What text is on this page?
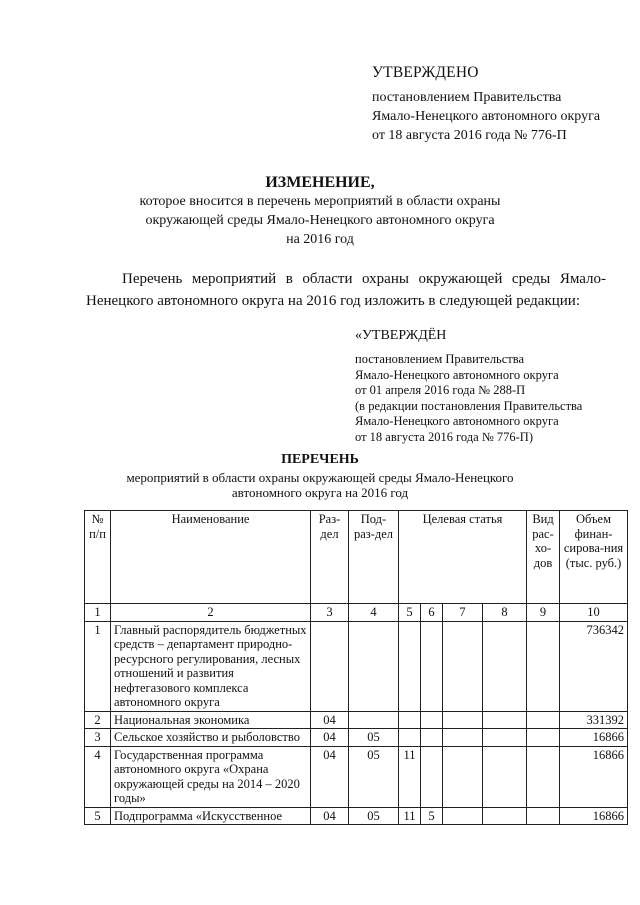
УТВЕРЖДЕНО
постановлением Правительства
Ямало-Ненецкого автономного округа
от 18 августа 2016 года № 776-П
ИЗМЕНЕНИЕ,
которое вносится в перечень мероприятий в области охраны
окружающей среды Ямало-Ненецкого автономного округа
на 2016 год
Перечень мероприятий в области охраны окружающей среды Ямало-
Ненецкого автономного округа на 2016 год изложить в следующей редакции:
«УТВЕРЖДЁН
постановлением Правительства
Ямало-Ненецкого автономного округа
от 01 апреля 2016 года № 288-П
(в редакции постановления Правительства
Ямало-Ненецкого автономного округа
от 18 августа 2016 года № 776-П)
ПЕРЕЧЕНЬ
мероприятий в области охраны окружающей среды Ямало-Ненецкого
автономного округа на 2016 год
№ п/п	Наименование	Раз-дел	Под-раз-дел	Целевая статья				Вид рас-хо-дов	Объем финан-сирова-ния (тыс. руб.)
1	2	3	4	5	6	7	8	9	10
1	Главный распорядитель бюджетных средств – департамент природно-ресурсного регулирования, лесных отношений и развития нефтегазового комплекса автономного округа								736342
2	Национальная экономика	04							331392
3	Сельское хозяйство и рыболовство	04	05						16866
4	Государственная программа автономного округа «Охрана окружающей среды на 2014 – 2020 годы»	04	05	11					16866
5	Подпрограмма «Искусственное	04	05	11	5				16866
